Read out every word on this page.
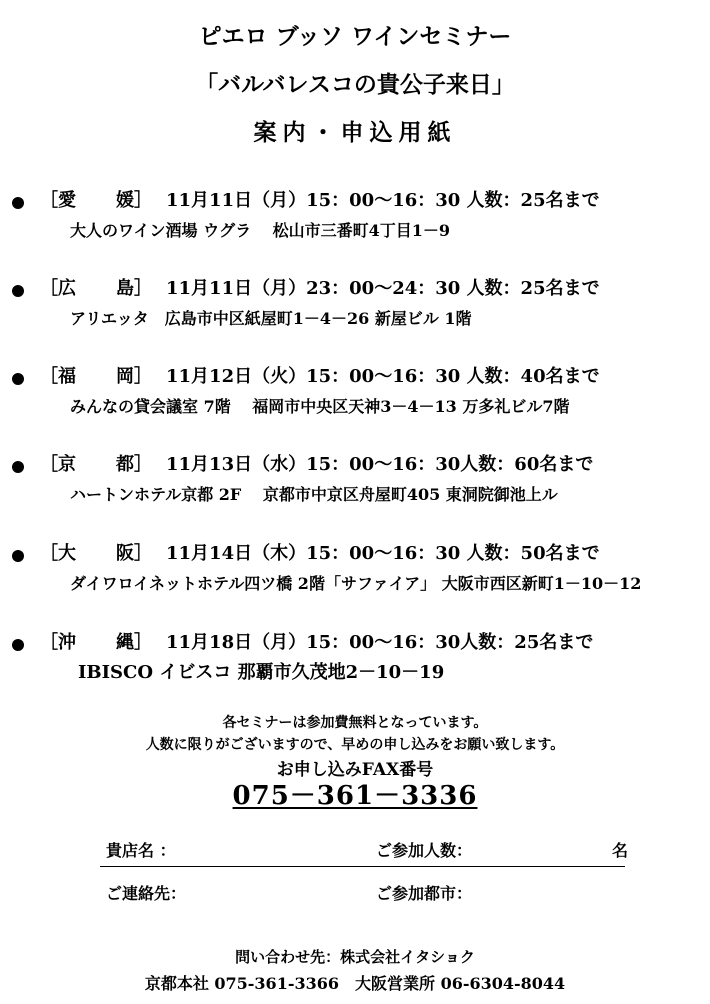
ピエロ ブッソ ワインセミナー
「バルバレスコの貴公子来日」
案内・申込用紙
［愛　媛］ 11月11日（月）15：00～16：30 人数：25名まで
大人のワイン酒場 ウグラ　 松山市三番町4丁目1－9
［広　島］ 11月11日（月）23：00～24：30 人数：25名まで
アリエッタ　広島市中区紙屋町1－4－26 新屋ビル 1階
［福　岡］ 11月12日（火）15：00～16：30 人数：40名まで
みんなの貸会議室 7階　 福岡市中央区天神3－4－13 万多礼ビル7階
［京　都］ 11月13日（水）15：00～16：30人数：60名まで
ハートンホテル京都 2F　 京都市中京区舟屋町405 東洞院御池上ル
［大　阪］ 11月14日（木）15：00～16：30 人数：50名まで
ダイワロイネットホテル四ツ橋 2階「サファイア」 大阪市西区新町1－10－12
［沖　縄］ 11月18日（月）15：00～16：30人数：25名まで
IBISCO イビスコ 那覇市久茂地2－10－19
各セミナーは参加費無料となっています。
人数に限りがございますので、早めの申し込みをお願い致します。
お申し込みFAX番号
075－361－3336
貴店名 ：	ご参加人数：	名
ご連絡先：	ご参加都市：
問い合わせ先：株式会社イタショク
京都本社 075-361-3366　大阪営業所 06-6304-8044
